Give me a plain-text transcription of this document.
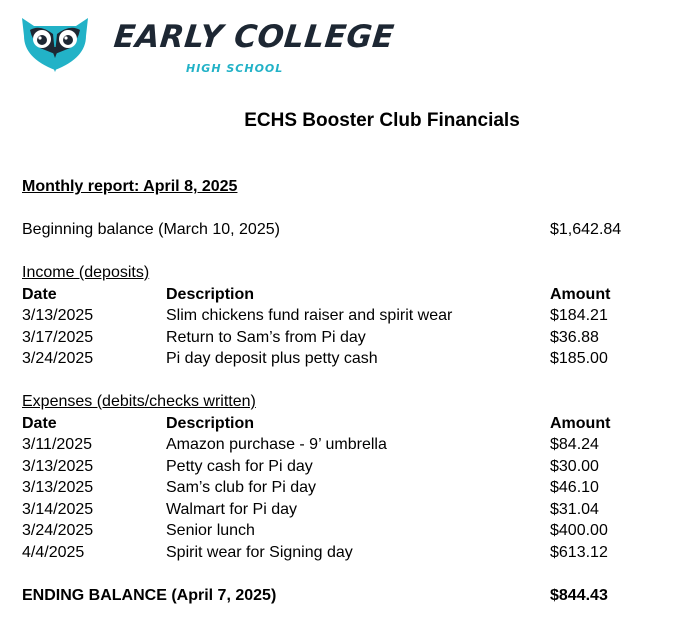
EARLY COLLEGE
HIGH SCHOOL
ECHS Booster Club Financials
Monthly report: April 8, 2025
Beginning balance (March 10, 2025)	$1,642.84
Income (deposits)
Date	Description	Amount
3/13/2025	Slim chickens fund raiser and spirit wear	$184.21
3/17/2025	Return to Sam’s from Pi day	$36.88
3/24/2025	Pi day deposit plus petty cash	$185.00
Expenses (debits/checks written)
Date	Description	Amount
3/11/2025	Amazon purchase - 9’ umbrella	$84.24
3/13/2025	Petty cash for Pi day	$30.00
3/13/2025	Sam’s club for Pi day	$46.10
3/14/2025	Walmart for Pi day	$31.04
3/24/2025	Senior lunch	$400.00
4/4/2025	Spirit wear for Signing day	$613.12
ENDING BALANCE (April 7, 2025)	$844.43
